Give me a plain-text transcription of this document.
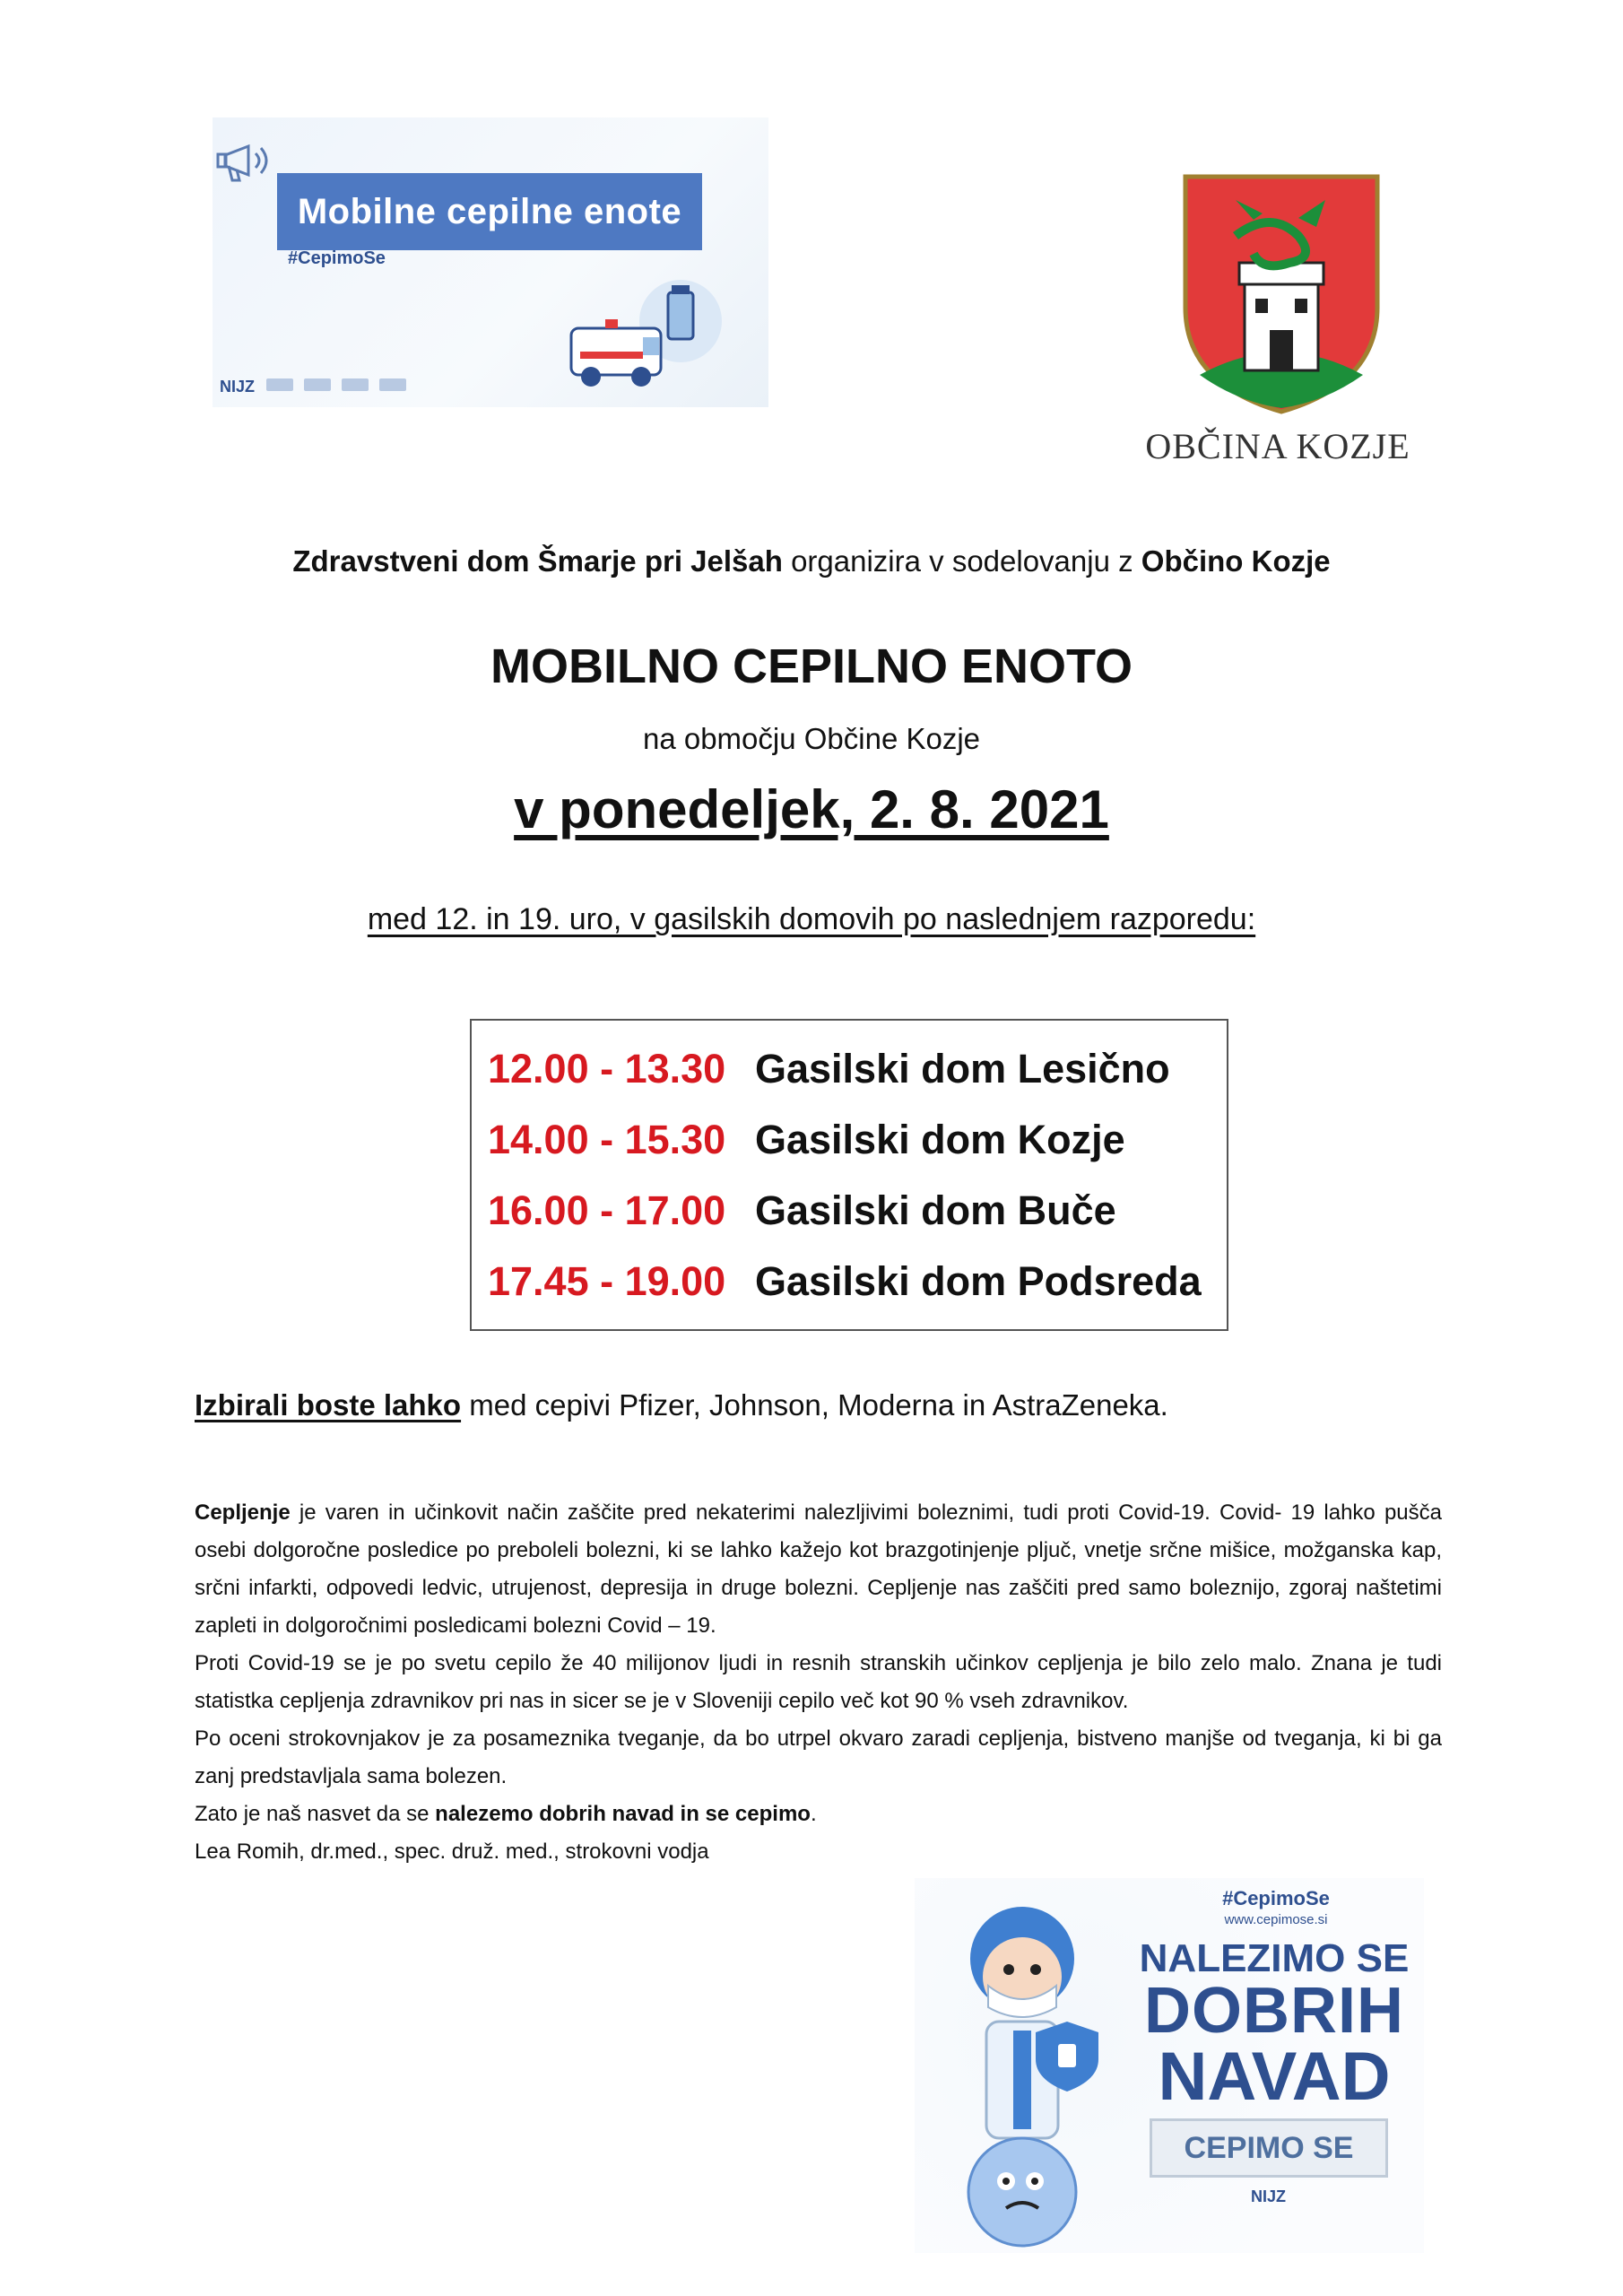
Mobilne cepilne enote
#CepimoSe
NIJZ
OBČINA KOZJE
Zdravstveni dom Šmarje pri Jelšah organizira v sodelovanju z Občino Kozje
MOBILNO CEPILNO ENOTO
na območju Občine Kozje
v ponedeljek, 2. 8. 2021
med 12. in 19. uro, v gasilskih domovih po naslednjem razporedu:
12.00 - 13.30 Gasilski dom Lesično
14.00 - 15.30 Gasilski dom Kozje
16.00 - 17.00 Gasilski dom Buče
17.45 - 19.00 Gasilski dom Podsreda
Izbirali boste lahko med cepivi Pfizer, Johnson, Moderna in AstraZeneka.

Cepljenje je varen in učinkovit način zaščite pred nekaterimi nalezljivimi boleznimi, tudi proti Covid-19. Covid- 19 lahko pušča osebi dolgoročne posledice po preboleli bolezni, ki se lahko kažejo kot brazgotinjenje pljuč, vnetje srčne mišice, možganska kap, srčni infarkti, odpovedi ledvic, utrujenost, depresija in druge bolezni. Cepljenje nas zaščiti pred samo boleznijo, zgoraj naštetimi zapleti in dolgoročnimi posledicami bolezni Covid – 19.

Proti Covid-19 se je po svetu cepilo že 40 milijonov ljudi in resnih stranskih učinkov cepljenja je bilo zelo malo. Znana je tudi statistka cepljenja zdravnikov pri nas in sicer se je v Sloveniji cepilo več kot 90 % vseh zdravnikov.

Po oceni strokovnjakov je za posameznika tveganje, da bo utrpel okvaro zaradi cepljenja, bistveno manjše od tveganja, ki bi ga zanj predstavljala sama bolezen.

Zato je naš nasvet da se nalezemo dobrih navad in se cepimo.

Lea Romih, dr.med., spec. druž. med., strokovni vodja

#CepimoSe
www.cepimose.si
NALEZIMO SE
DOBRIH
NAVAD
CEPIMO SE
NIJZ
